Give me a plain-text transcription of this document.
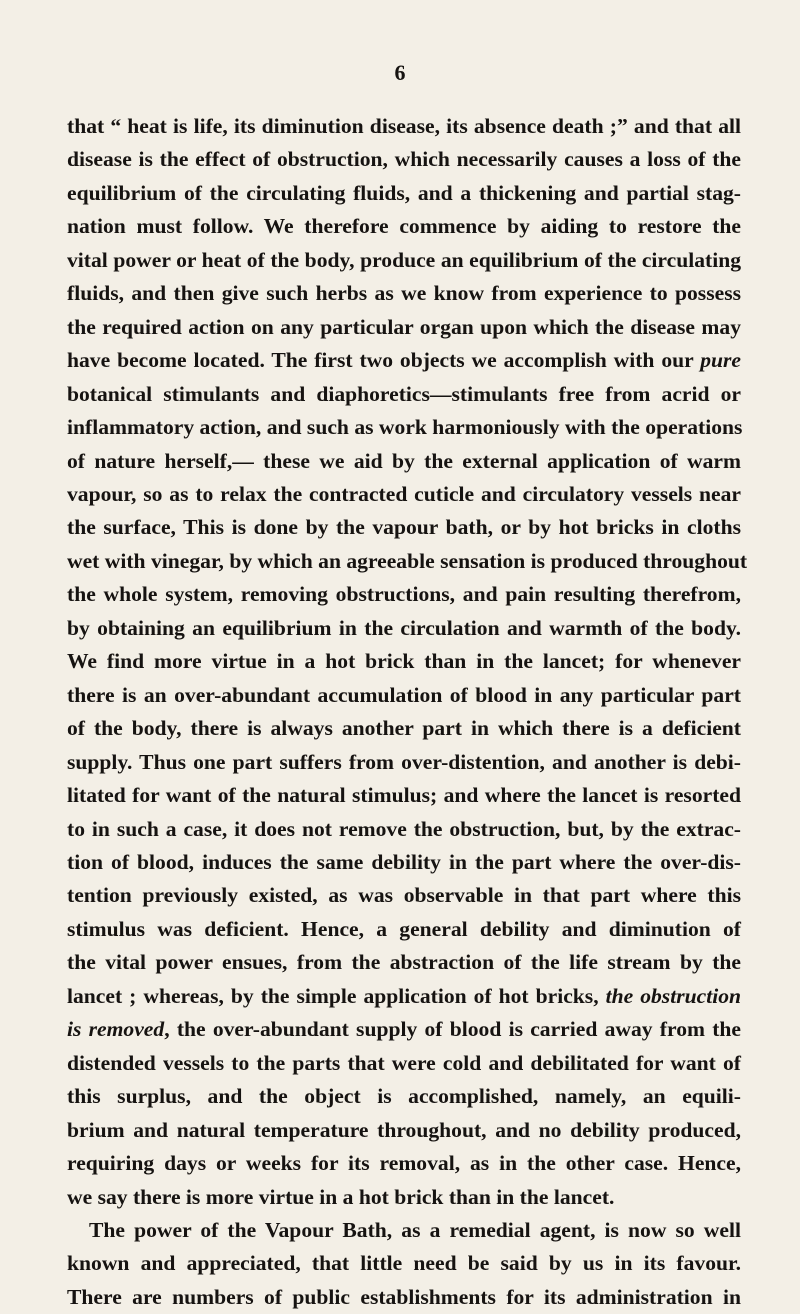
6
that “ heat is life, its diminution disease, its absence death ;” and that all
disease is the effect of obstruction, which necessarily causes a loss of the
equilibrium of the circulating fluids, and a thickening and partial stag-
nation must follow. We therefore commence by aiding to restore the
vital power or heat of the body, produce an equilibrium of the circulating
fluids, and then give such herbs as we know from experience to possess
the required action on any particular organ upon which the disease may
have become located. The first two objects we accomplish with our pure
botanical stimulants and diaphoretics—stimulants free from acrid or
inflammatory action, and such as work harmoniously with the operations
of nature herself,— these we aid by the external application of warm
vapour, so as to relax the contracted cuticle and circulatory vessels near
the surface, This is done by the vapour bath, or by hot bricks in cloths
wet with vinegar, by which an agreeable sensation is produced throughout
the whole system, removing obstructions, and pain resulting therefrom,
by obtaining an equilibrium in the circulation and warmth of the body.
We find more virtue in a hot brick than in the lancet; for whenever
there is an over-abundant accumulation of blood in any particular part
of the body, there is always another part in which there is a deficient
supply. Thus one part suffers from over-distention, and another is debi-
litated for want of the natural stimulus; and where the lancet is resorted
to in such a case, it does not remove the obstruction, but, by the extrac-
tion of blood, induces the same debility in the part where the over-dis-
tention previously existed, as was observable in that part where this
stimulus was deficient. Hence, a general debility and diminution of
the vital power ensues, from the abstraction of the life stream by the
lancet ; whereas, by the simple application of hot bricks, the obstruction
is removed, the over-abundant supply of blood is carried away from the
distended vessels to the parts that were cold and debilitated for want of
this surplus, and the object is accomplished, namely, an equili-
brium and natural temperature throughout, and no debility produced,
requiring days or weeks for its removal, as in the other case. Hence,
we say there is more virtue in a hot brick than in the lancet.
The power of the Vapour Bath, as a remedial agent, is now so well
known and appreciated, that little need be said by us in its favour.
There are numbers of public establishments for its administration in
